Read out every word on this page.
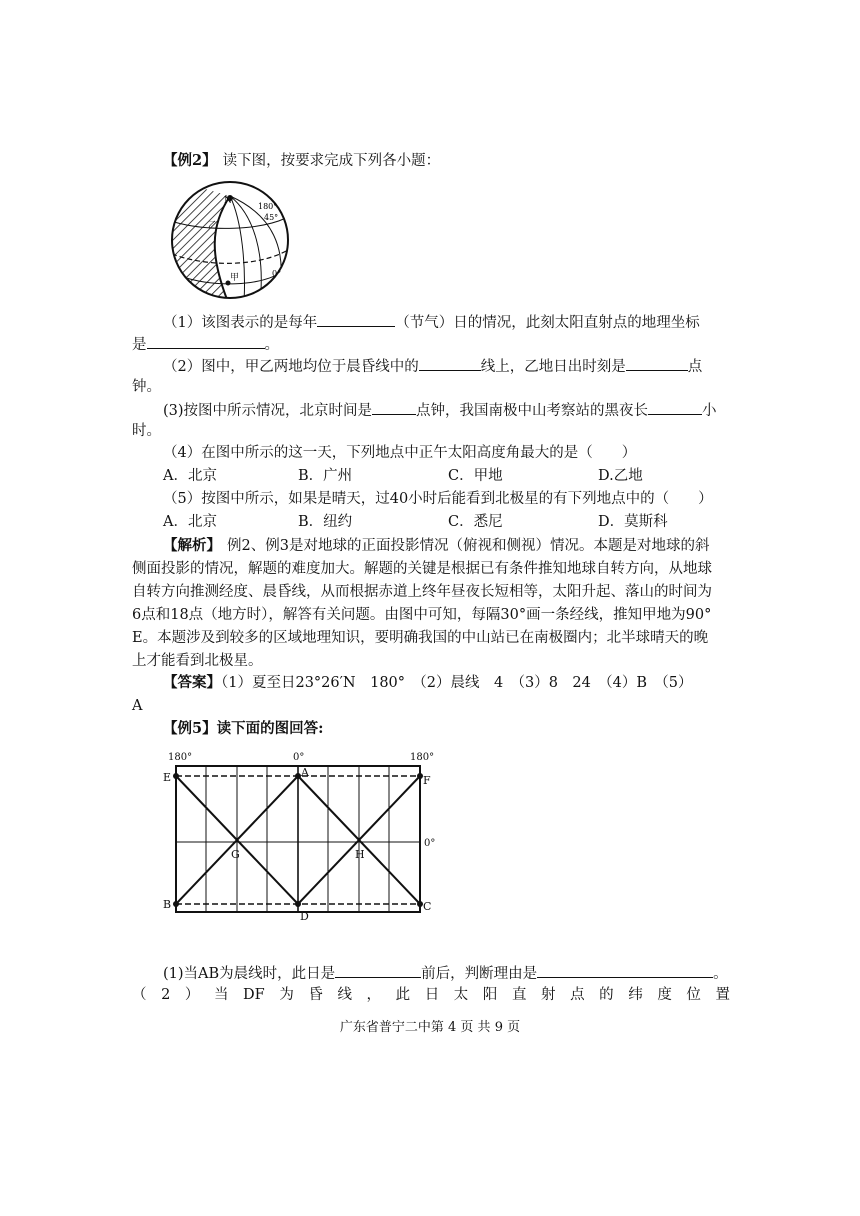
【例2】 读下图，按要求完成下列各小题：
N
180°
45°
乙
甲	0°
（1）该图表示的是每年	（节气）日的情况，此刻太阳直射点的地理坐标
是	。
（2）图中，甲乙两地均位于晨昏线中的	线上，乙地日出时刻是	点
钟。
(3)按图中所示情况，北京时间是	点钟，我国南极中山考察站的黑夜长	小
时。
（4）在图中所示的这一天，下列地点中正午太阳高度角最大的是（　　）
A．北京	B．广州	C．甲地	D.乙地
（5）按图中所示，如果是晴天，过40小时后能看到北极星的有下列地点中的（　　）
A．北京	B．纽约	C．悉尼	D．莫斯科
【解析】 例2、例3是对地球的正面投影情况（俯视和侧视）情况。本题是对地球的斜
侧面投影的情况，解题的难度加大。解题的关键是根据已有条件推知地球自转方向，从地球
自转方向推测经度、晨昏线，从而根据赤道上终年昼夜长短相等，太阳升起、落山的时间为
6点和18点（地方时），解答有关问题。由图中可知，每隔30°画一条经线，推知甲地为90°
E。本题涉及到较多的区域地理知识，要明确我国的中山站已在南极圈内；北半球晴天的晚
上才能看到北极星。
【答案】（1）夏至日23°26′N　180°　（2）晨线　4　（3）8　24　（4）B　（5）
A
【例5】读下面的图回答:
180°	0°	180°
0°
E	A
F
G	H
B
D
C
(1)当AB为晨线时，此日是	前后，判断理由是	。
（ 2 ） 当 DF 为 昏 线 ， 此 日 太 阳 直 射 点 的 纬 度 位 置
广东省普宁二中第 4 页 共 9 页
